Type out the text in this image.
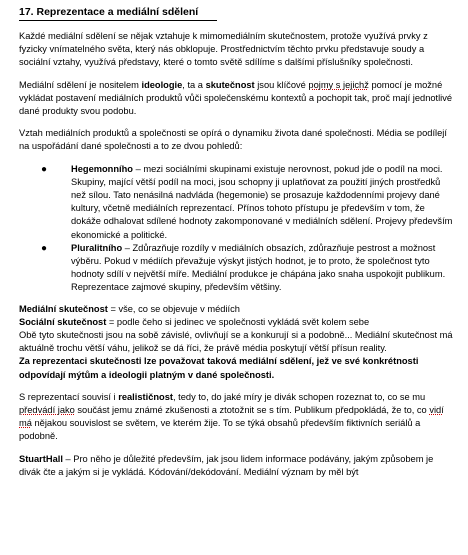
17. Reprezentace a mediální sdělení

Každé mediální sdělení se nějak vztahuje k mimomediálním skutečnostem, protože využívá prvky z fyzicky vnímatelného světa, který nás obklopuje. Prostřednictvím těchto prvku představuje soudy a sociální vztahy, využívá představy, které o tomto světě sdílíme s dalšími příslušníky společnosti.

Mediální sdělení je nositelem ideologie, ta a skutečnost jsou klíčové pojmy s jejichž pomocí je možné vykládat postavení mediálních produktů vůči společenskému kontextů a pochopit tak, proč mají jednotlivé dané produkty svou podobu.

Vztah mediálních produktů a společnosti se opírá o dynamiku života dané společnosti. Média se podílejí na uspořádání dané společnosti a to ze dvou pohledů:

●	Hegemonního – mezi sociálními skupinami existuje nerovnost, pokud jde o podíl na moci. Skupiny, mající větší podíl na moci, jsou schopny ji uplatňovat za použití jiných prostředků než sílou. Tato nenásilná nadvláda (hegemonie) se prosazuje každodenními projevy dané kultury, včetně mediálních reprezentací. Přínos tohoto přístupu je především v tom, že dokáže odhalovat sdílené hodnoty zakomponované v mediálních sdělení. Projevy především ekonomické a politické.
●	Pluralitního – Zdůrazňuje rozdíly v mediálních obsazích, zdůrazňuje pestrost a možnost výběru. Pokud v médiích převažuje výskyt jistých hodnot, je to proto, že společnost tyto hodnoty sdílí v největší míře. Mediální produkce je chápána jako snaha uspokojit publikum. Reprezentace zajmové skupiny, především většiny.

Mediální skutečnost = vše, co se objevuje v médiích

Sociální skutečnost = podle čeho si jedinec ve společnosti vykládá svět kolem sebe

Obě tyto skutečnosti jsou na sobě závislé, ovlivňují se a konkurují si a podobně... Mediální skutečnost má aktuálně trochu větší váhu, jelikož se dá říci, že právě média poskytují větší přísun reality.

Za reprezentaci skutečnosti lze považovat taková mediální sdělení, jež ve své konkrétnosti odpovídají mýtům a ideologii platným v dané společnosti.

S reprezentací souvisí i realističnost, tedy to, do jaké míry je divák schopen rozeznat to, co se mu předvádí jako součást jemu známé zkušenosti a ztotožnit se s tím. Publikum předpokládá, že to, co vidí má nějakou souvislost se světem, ve kterém žije. To se týká obsahů především fiktivních seriálů a podobně.

StuartHall – Pro něho je důležité především, jak jsou lidem informace podávány, jakým způsobem je divák čte a jakým si je vykládá. Kódování/dekódování. Mediální význam by měl být
